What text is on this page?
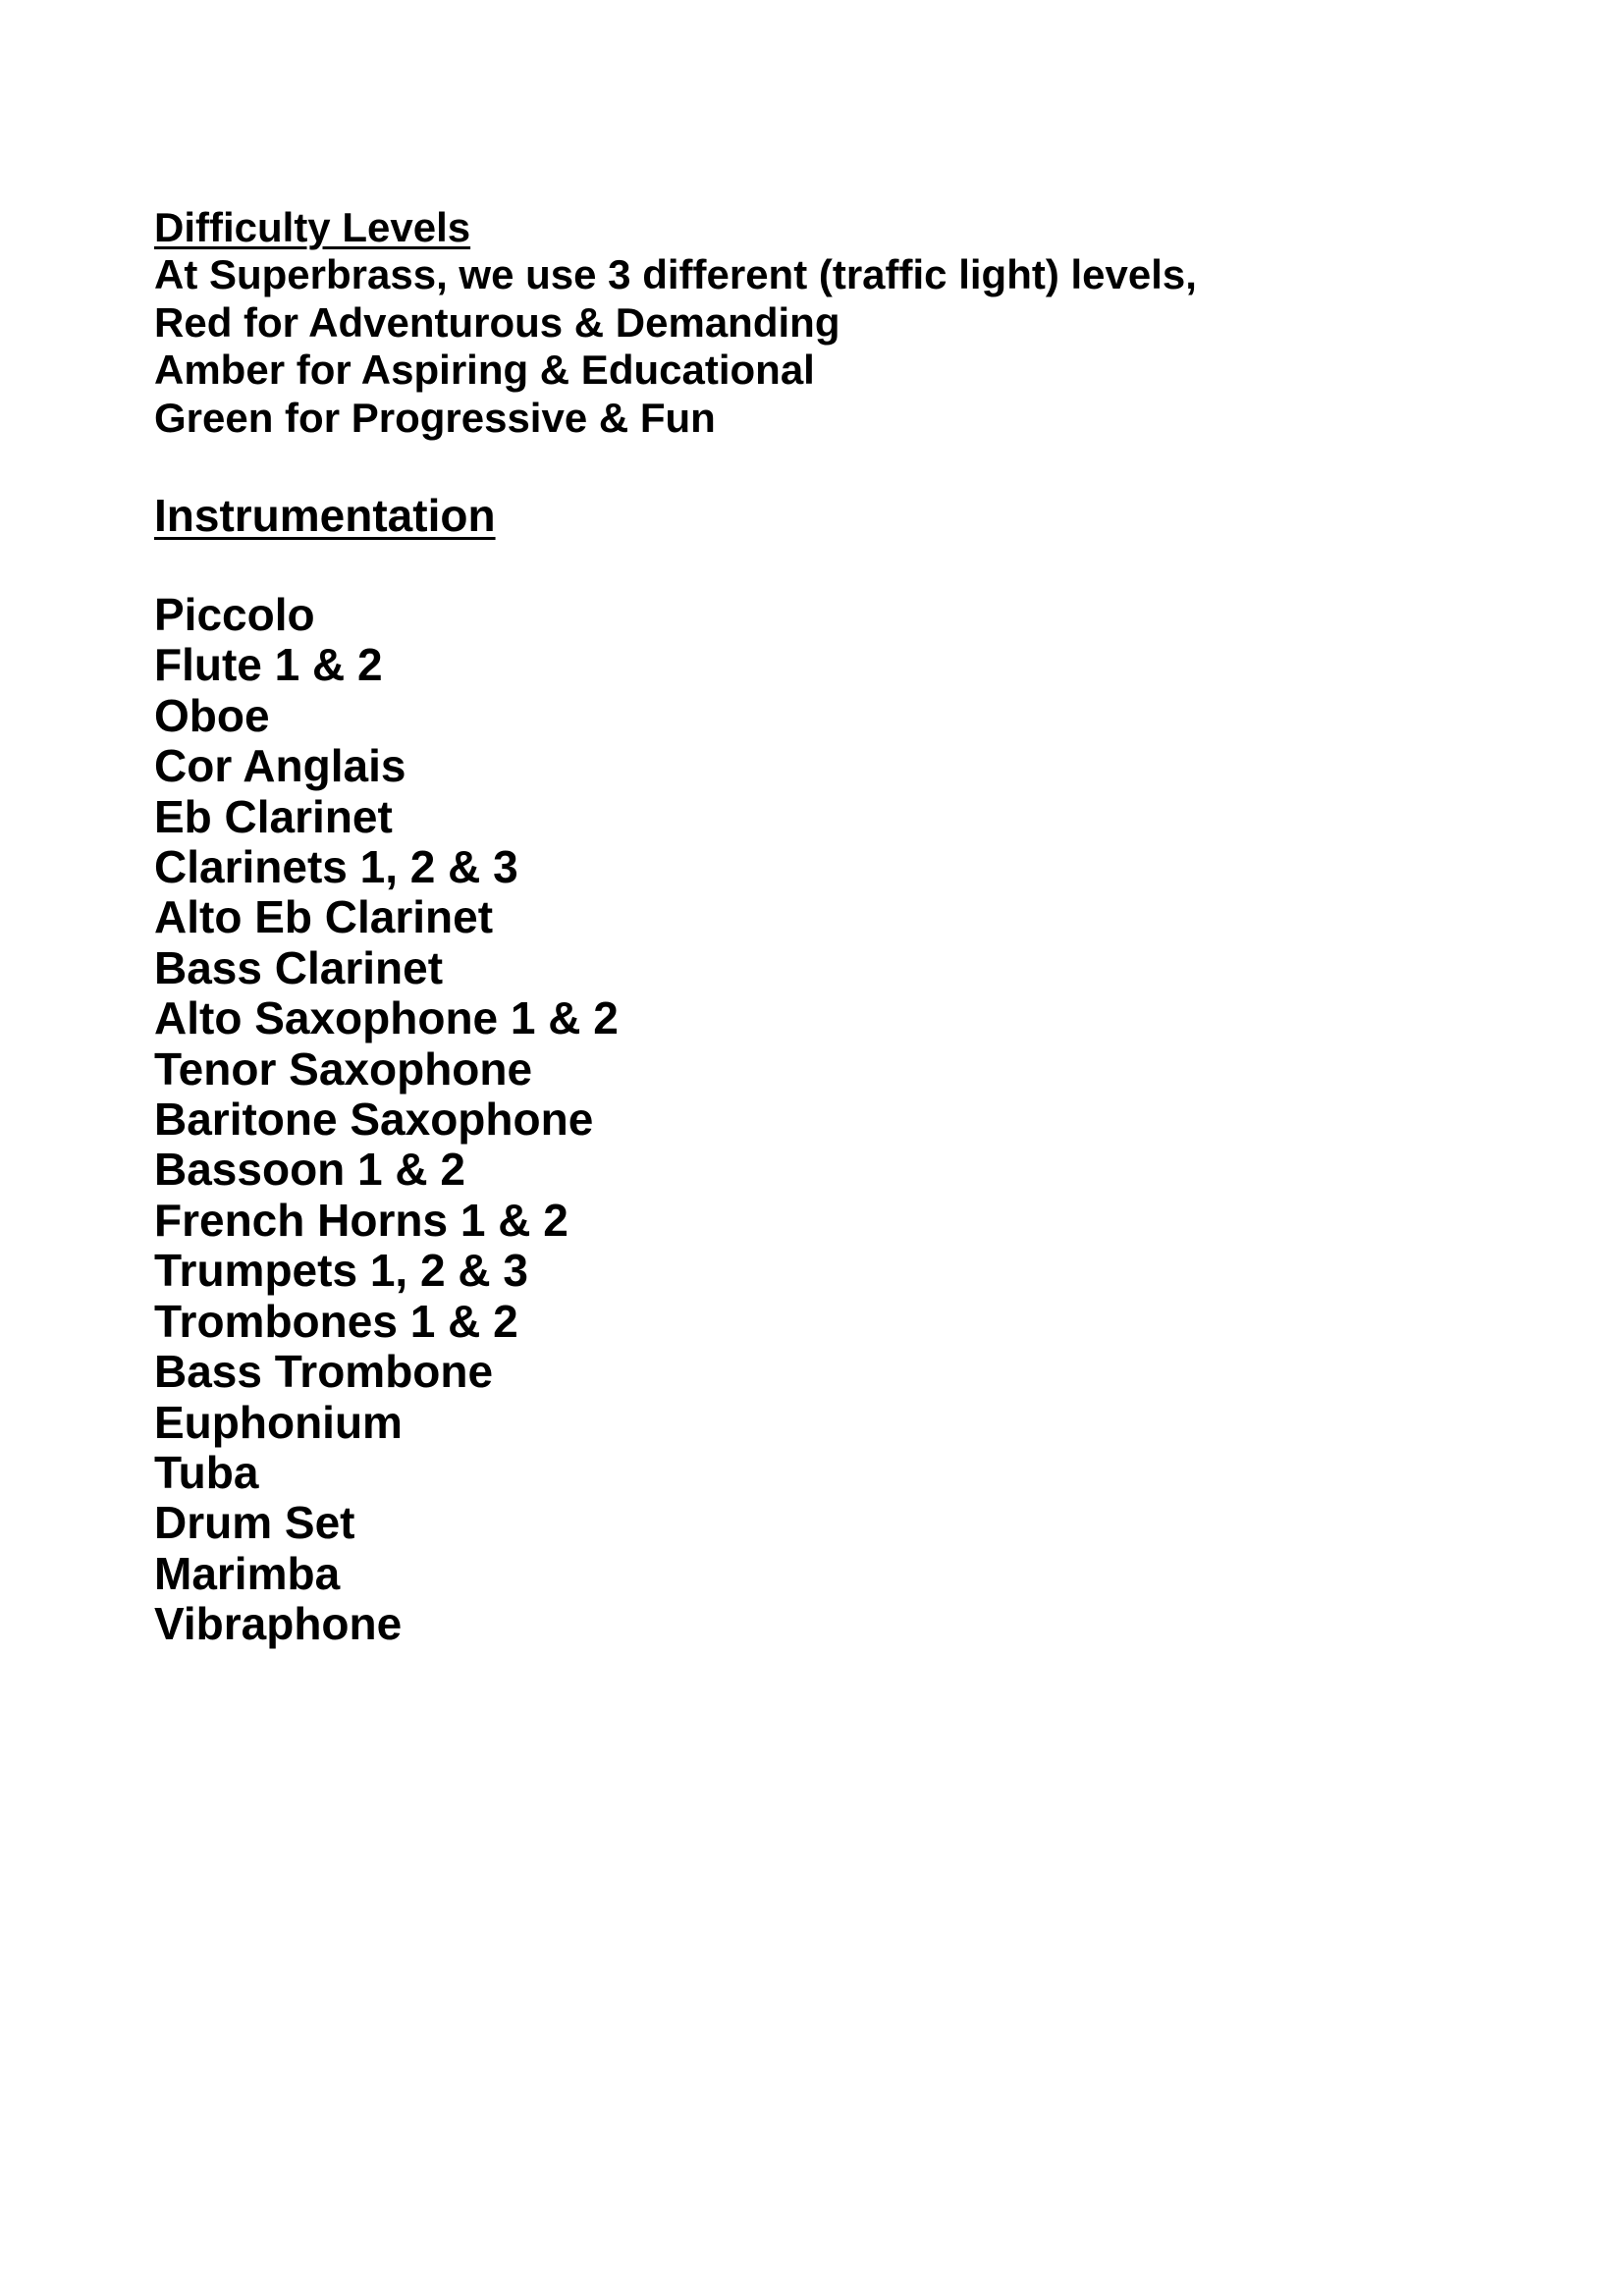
Difficulty Levels

At Superbrass, we use 3 different (traffic light) levels,

Red for Adventurous & Demanding

Amber for Aspiring & Educational

Green for Progressive & Fun

Instrumentation
Piccolo
Flute 1 & 2
Oboe
Cor Anglais
Eb Clarinet
Clarinets 1, 2 & 3
Alto Eb Clarinet
Bass Clarinet
Alto Saxophone 1 & 2
Tenor Saxophone
Baritone Saxophone
Bassoon 1 & 2
French Horns 1 & 2
Trumpets 1, 2 & 3
Trombones 1 & 2
Bass Trombone
Euphonium
Tuba
Drum Set
Marimba
Vibraphone
